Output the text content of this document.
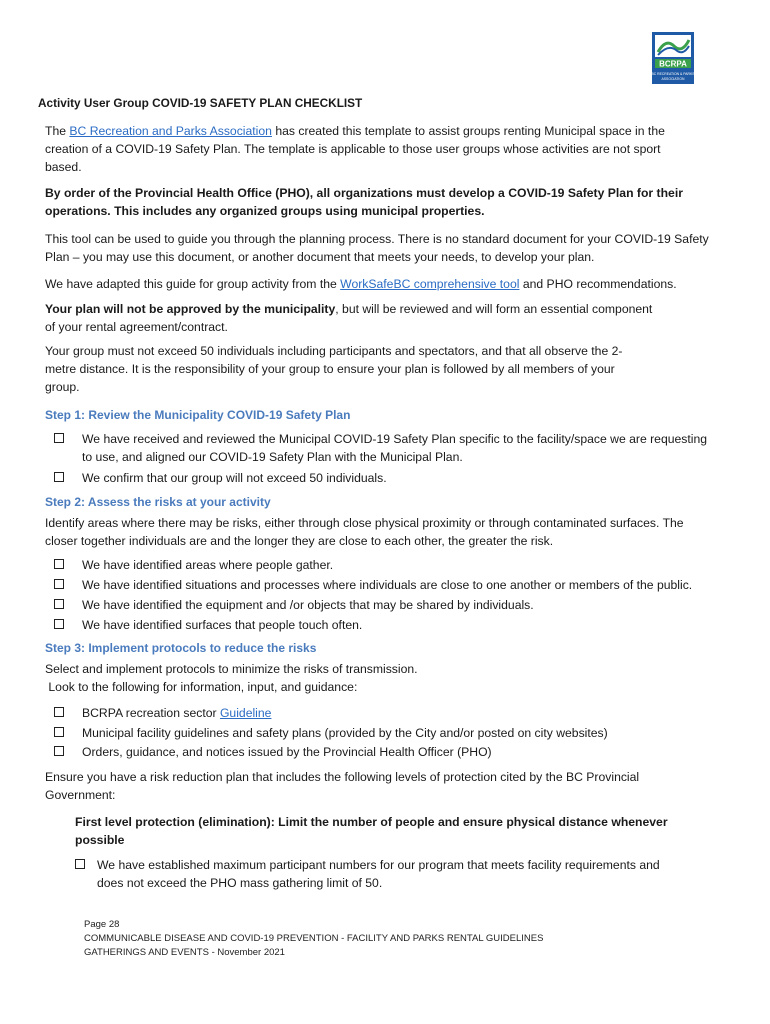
BCRPA
BC RECREATION & PARKS
ASSOCIATION
Activity User Group COVID-19 SAFETY PLAN CHECKLIST
The BC Recreation and Parks Association has created this template to assist groups renting Municipal space in the
creation of a COVID-19 Safety Plan. The template is applicable to those user groups whose activities are not sport
based.
By order of the Provincial Health Office (PHO), all organizations must develop a COVID-19 Safety Plan for their
operations. This includes any organized groups using municipal properties.
This tool can be used to guide you through the planning process. There is no standard document for your COVID-19 Safety
Plan – you may use this document, or another document that meets your needs, to develop your plan.
We have adapted this guide for group activity from the WorkSafeBC comprehensive tool and PHO recommendations.
Your plan will not be approved by the municipality, but will be reviewed and will form an essential component
of your rental agreement/contract.
Your group must not exceed 50 individuals including participants and spectators, and that all observe the 2-
metre distance. It is the responsibility of your group to ensure your plan is followed by all members of your
group.
Step 1: Review the Municipality COVID-19 Safety Plan
We have received and reviewed the Municipal COVID-19 Safety Plan specific to the facility/space we are requesting
to use, and aligned our COVID-19 Safety Plan with the Municipal Plan.
We confirm that our group will not exceed 50 individuals.
Step 2: Assess the risks at your activity
Identify areas where there may be risks, either through close physical proximity or through contaminated surfaces. The
closer together individuals are and the longer they are close to each other, the greater the risk.
We have identified areas where people gather.
We have identified situations and processes where individuals are close to one another or members of the public.
We have identified the equipment and /or objects that may be shared by individuals.
We have identified surfaces that people touch often.
Step 3: Implement protocols to reduce the risks
Select and implement protocols to minimize the risks of transmission.
Look to the following for information, input, and guidance:
BCRPA recreation sector Guideline
Municipal facility guidelines and safety plans (provided by the City and/or posted on city websites)
Orders, guidance, and notices issued by the Provincial Health Officer (PHO)
Ensure you have a risk reduction plan that includes the following levels of protection cited by the BC Provincial
Government:
First level protection (elimination): Limit the number of people and ensure physical distance whenever
possible
We have established maximum participant numbers for our program that meets facility requirements and
does not exceed the PHO mass gathering limit of 50.
Page 28
COMMUNICABLE DISEASE AND COVID-19 PREVENTION - FACILITY AND PARKS RENTAL GUIDELINES
GATHERINGS AND EVENTS - November 2021
